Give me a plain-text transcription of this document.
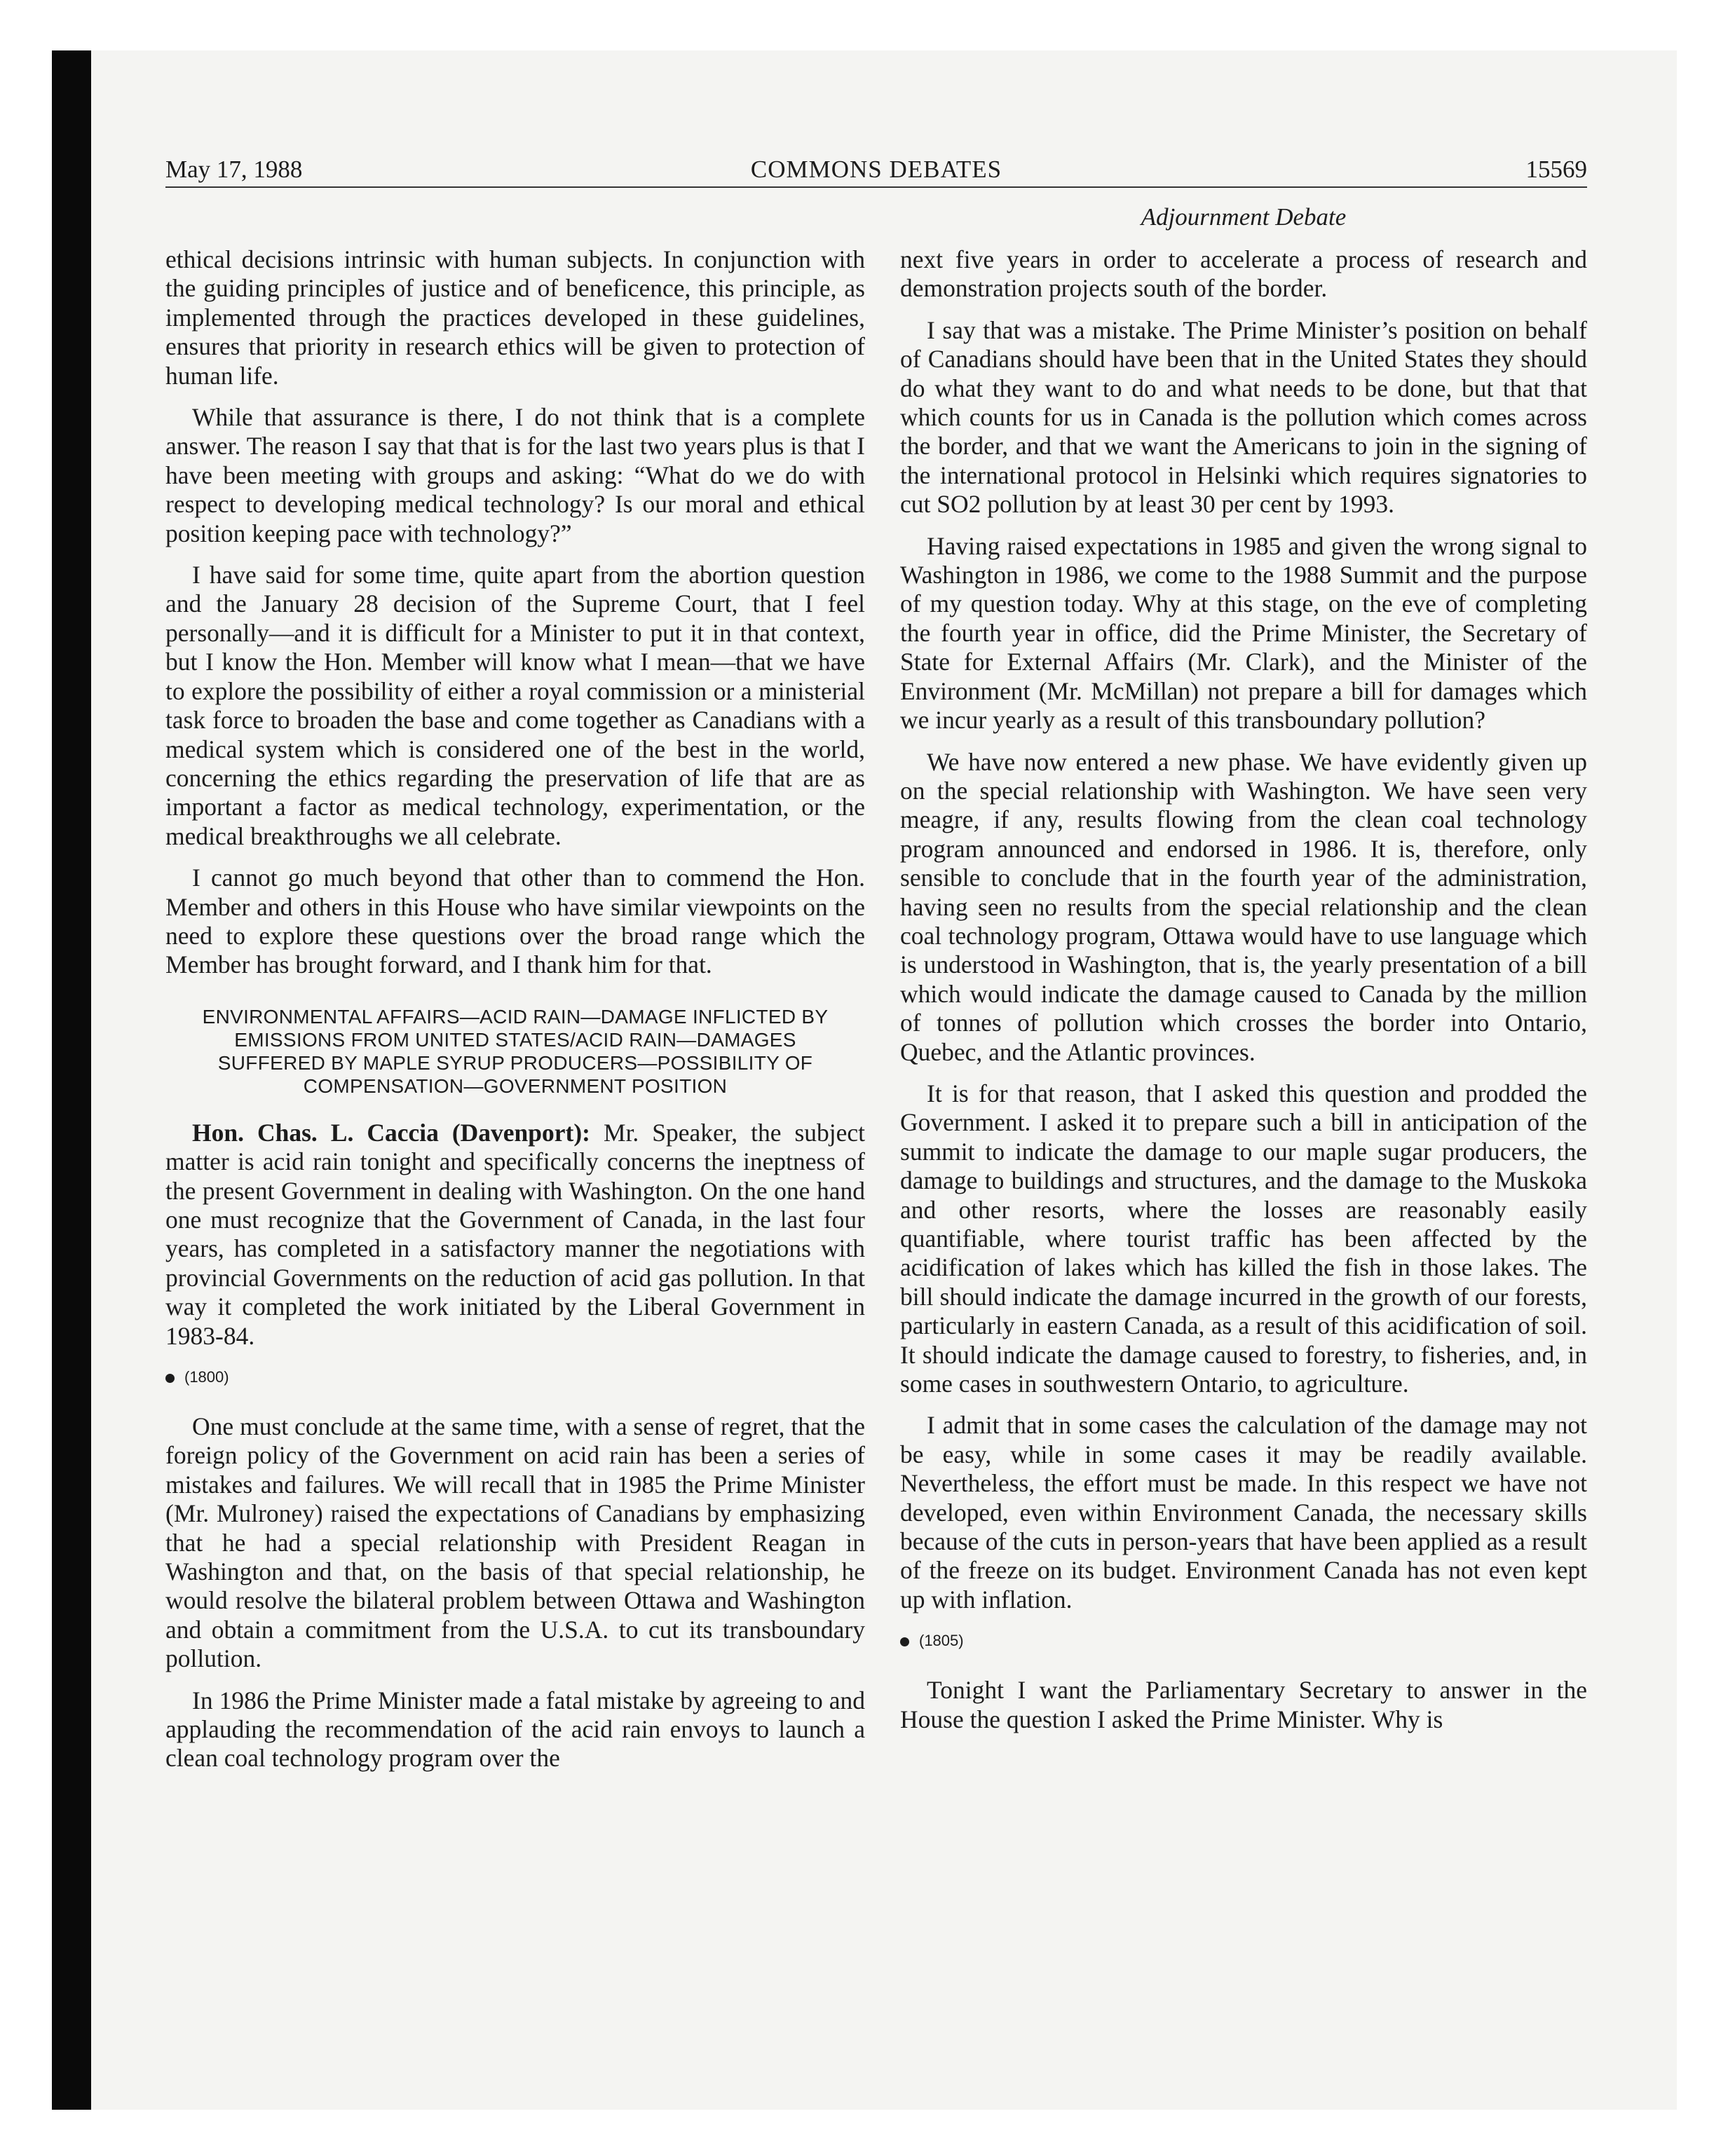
May 17, 1988	COMMONS DEBATES	15569
Adjournment Debate

ethical decisions intrinsic with human subjects. In conjunction with the guiding principles of justice and of beneficence, this principle, as implemented through the practices developed in these guidelines, ensures that priority in research ethics will be given to protection of human life.

While that assurance is there, I do not think that is a complete answer. The reason I say that that is for the last two years plus is that I have been meeting with groups and asking: “What do we do with respect to developing medical technology? Is our moral and ethical position keeping pace with technology?”

I have said for some time, quite apart from the abortion question and the January 28 decision of the Supreme Court, that I feel personally—and it is difficult for a Minister to put it in that context, but I know the Hon. Member will know what I mean—that we have to explore the possibility of either a royal commission or a ministerial task force to broaden the base and come together as Canadians with a medical system which is considered one of the best in the world, concerning the ethics regarding the preservation of life that are as important a factor as medical technology, experimentation, or the medical breakthroughs we all celebrate.

I cannot go much beyond that other than to commend the Hon. Member and others in this House who have similar viewpoints on the need to explore these questions over the broad range which the Member has brought forward, and I thank him for that.

ENVIRONMENTAL AFFAIRS—ACID RAIN—DAMAGE INFLICTED BY EMISSIONS FROM UNITED STATES/ACID RAIN—DAMAGES SUFFERED BY MAPLE SYRUP PRODUCERS—POSSIBILITY OF COMPENSATION—GOVERNMENT POSITION

Hon. Chas. L. Caccia (Davenport): Mr. Speaker, the subject matter is acid rain tonight and specifically concerns the ineptness of the present Government in dealing with Washington. On the one hand one must recognize that the Government of Canada, in the last four years, has completed in a satisfactory manner the negotiations with provincial Governments on the reduction of acid gas pollution. In that way it completed the work initiated by the Liberal Government in 1983-84.

(1800)

One must conclude at the same time, with a sense of regret, that the foreign policy of the Government on acid rain has been a series of mistakes and failures. We will recall that in 1985 the Prime Minister (Mr. Mulroney) raised the expectations of Canadians by emphasizing that he had a special relationship with President Reagan in Washington and that, on the basis of that special relationship, he would resolve the bilateral problem between Ottawa and Washington and obtain a commitment from the U.S.A. to cut its transboundary pollution.

In 1986 the Prime Minister made a fatal mistake by agreeing to and applauding the recommendation of the acid rain envoys to launch a clean coal technology program over the

next five years in order to accelerate a process of research and demonstration projects south of the border.

I say that was a mistake. The Prime Minister’s position on behalf of Canadians should have been that in the United States they should do what they want to do and what needs to be done, but that that which counts for us in Canada is the pollution which comes across the border, and that we want the Americans to join in the signing of the international protocol in Helsinki which requires signatories to cut SO2 pollution by at least 30 per cent by 1993.

Having raised expectations in 1985 and given the wrong signal to Washington in 1986, we come to the 1988 Summit and the purpose of my question today. Why at this stage, on the eve of completing the fourth year in office, did the Prime Minister, the Secretary of State for External Affairs (Mr. Clark), and the Minister of the Environment (Mr. McMillan) not prepare a bill for damages which we incur yearly as a result of this transboundary pollution?

We have now entered a new phase. We have evidently given up on the special relationship with Washington. We have seen very meagre, if any, results flowing from the clean coal technology program announced and endorsed in 1986. It is, therefore, only sensible to conclude that in the fourth year of the administration, having seen no results from the special relationship and the clean coal technology program, Ottawa would have to use language which is understood in Washington, that is, the yearly presentation of a bill which would indicate the damage caused to Canada by the million of tonnes of pollution which crosses the border into Ontario, Quebec, and the Atlantic provinces.

It is for that reason, that I asked this question and prodded the Government. I asked it to prepare such a bill in anticipation of the summit to indicate the damage to our maple sugar producers, the damage to buildings and structures, and the damage to the Muskoka and other resorts, where the losses are reasonably easily quantifiable, where tourist traffic has been affected by the acidification of lakes which has killed the fish in those lakes. The bill should indicate the damage incurred in the growth of our forests, particularly in eastern Canada, as a result of this acidification of soil. It should indicate the damage caused to forestry, to fisheries, and, in some cases in southwestern Ontario, to agriculture.

I admit that in some cases the calculation of the damage may not be easy, while in some cases it may be readily available. Nevertheless, the effort must be made. In this respect we have not developed, even within Environment Canada, the necessary skills because of the cuts in person-years that have been applied as a result of the freeze on its budget. Environment Canada has not even kept up with inflation.

(1805)

Tonight I want the Parliamentary Secretary to answer in the House the question I asked the Prime Minister. Why is
